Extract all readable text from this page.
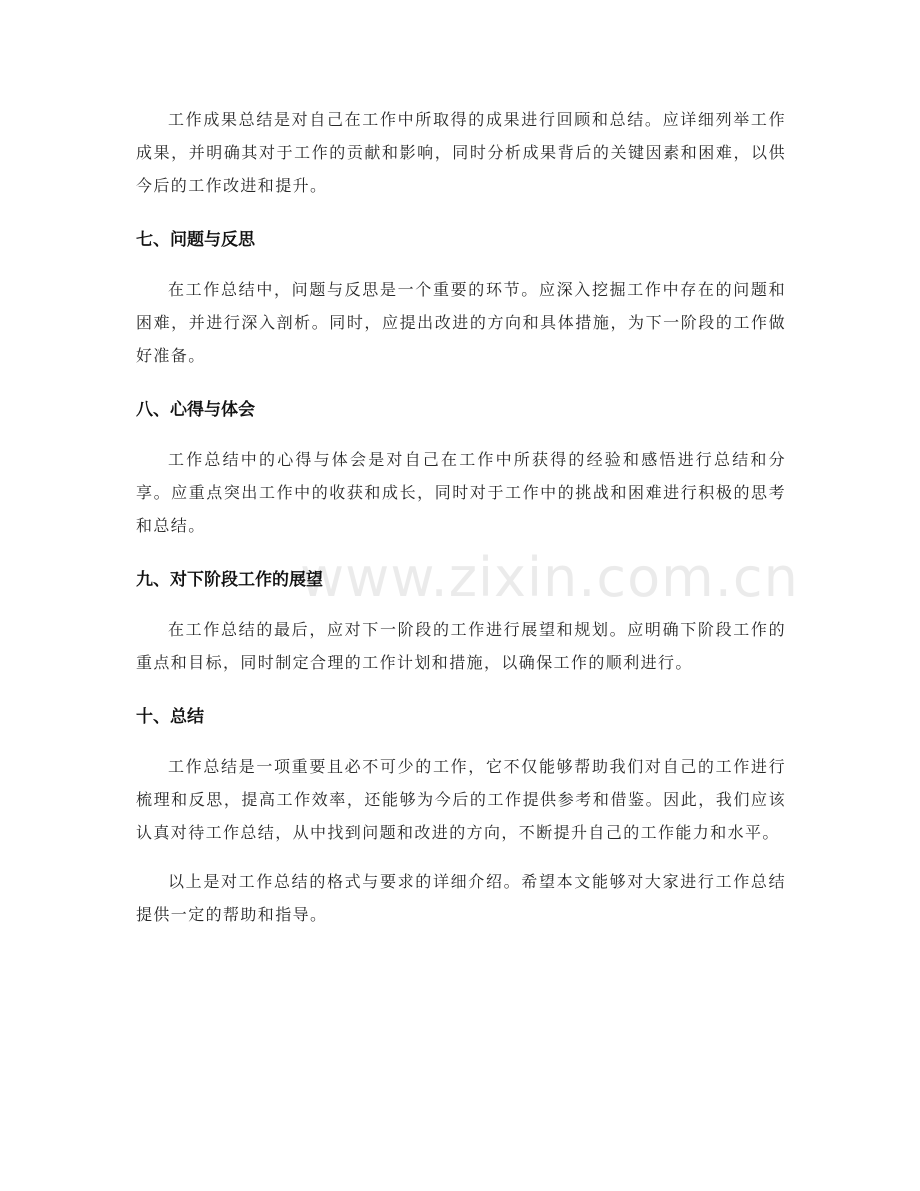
工作成果总结是对自己在工作中所取得的成果进行回顾和总结。应详细列举工作成果，并明确其对于工作的贡献和影响，同时分析成果背后的关键因素和困难，以供今后的工作改进和提升。

七、问题与反思

在工作总结中，问题与反思是一个重要的环节。应深入挖掘工作中存在的问题和困难，并进行深入剖析。同时，应提出改进的方向和具体措施，为下一阶段的工作做好准备。

八、心得与体会

工作总结中的心得与体会是对自己在工作中所获得的经验和感悟进行总结和分享。应重点突出工作中的收获和成长，同时对于工作中的挑战和困难进行积极的思考和总结。

九、对下阶段工作的展望

在工作总结的最后，应对下一阶段的工作进行展望和规划。应明确下阶段工作的重点和目标，同时制定合理的工作计划和措施，以确保工作的顺利进行。

十、总结

工作总结是一项重要且必不可少的工作，它不仅能够帮助我们对自己的工作进行梳理和反思，提高工作效率，还能够为今后的工作提供参考和借鉴。因此，我们应该认真对待工作总结，从中找到问题和改进的方向，不断提升自己的工作能力和水平。

以上是对工作总结的格式与要求的详细介绍。希望本文能够对大家进行工作总结提供一定的帮助和指导。

www.zixin.com.cn
